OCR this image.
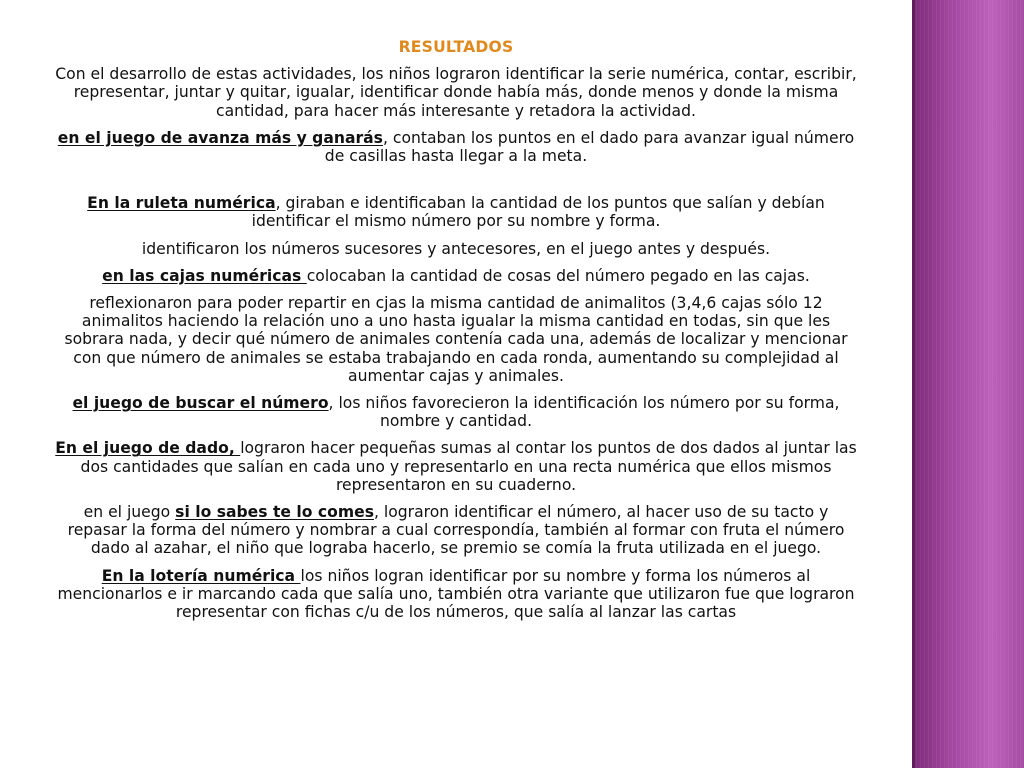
RESULTADOS

Con el desarrollo de estas actividades, los niños lograron identificar la serie numérica, contar, escribir, representar, juntar y quitar, igualar, identificar donde había más, donde menos y donde la misma cantidad, para hacer más interesante y retadora la actividad.

en el juego de avanza más y ganarás, contaban los puntos en el dado para avanzar igual número de casillas hasta llegar a la meta.

En la ruleta numérica, giraban e identificaban la cantidad de los puntos que salían y debían identificar el mismo número por su nombre y forma.

identificaron los números sucesores y antecesores, en el juego antes y después.

en las cajas numéricas colocaban la cantidad de cosas del número pegado en las cajas.

reflexionaron para poder repartir en cjas la misma cantidad de animalitos (3,4,6 cajas sólo 12 animalitos haciendo la relación uno a uno hasta igualar la misma cantidad en todas, sin que les sobrara nada, y decir qué número de animales contenía cada una, además de localizar y mencionar con que número de animales se estaba trabajando en cada ronda, aumentando su complejidad al aumentar cajas y animales.

el juego de buscar el número, los niños favorecieron la identificación los número por su forma, nombre y cantidad.

En el juego de dado, lograron hacer pequeñas sumas al contar los puntos de dos dados al juntar las dos cantidades que salían en cada uno y representarlo en una recta numérica que ellos mismos representaron en su cuaderno.

en el juego si lo sabes te lo comes, lograron identificar el número, al hacer uso de su tacto y repasar la forma del número y nombrar a cual correspondía, también al formar con fruta el número dado al azahar, el niño que lograba hacerlo, se premio se comía la fruta utilizada en el juego.

En la lotería numérica los niños logran identificar por su nombre y forma los números al mencionarlos e ir marcando cada que salía uno, también otra variante que utilizaron fue que lograron representar con fichas c/u de los números, que salía al lanzar las cartas
